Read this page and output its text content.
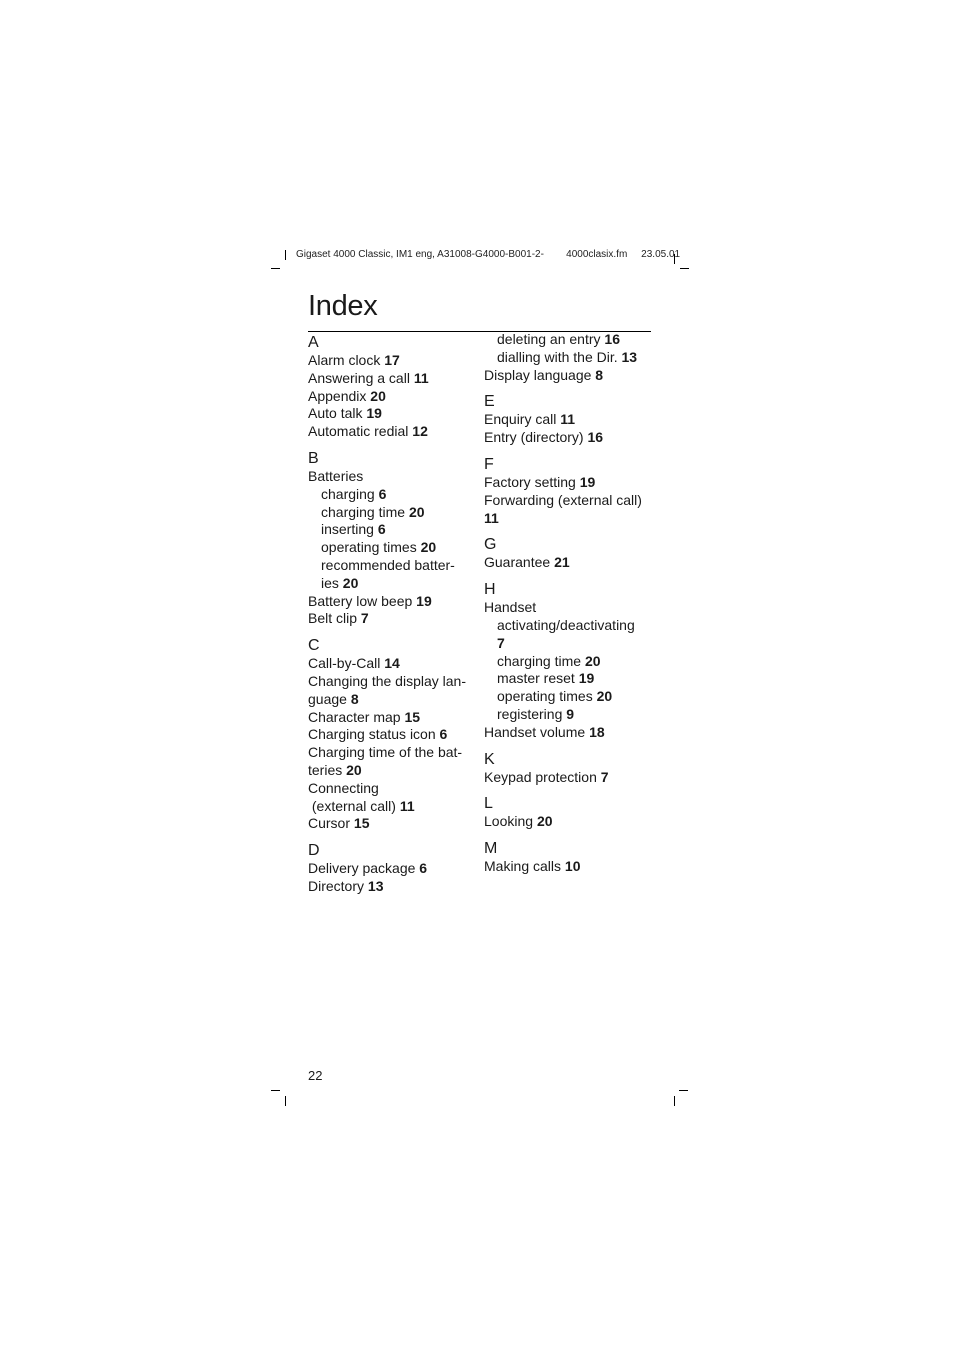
Gigaset 4000 Classic, IM1 eng, A31008-G4000-B001-2-        4000clasix.fm     23.05.01
Index
A
Alarm clock 17
Answering a call 11
Appendix 20
Auto talk 19
Automatic redial 12
B
Batteries
charging 6
charging time 20
inserting 6
operating times 20
recommended batter-
ies 20
Battery low beep 19
Belt clip 7
C
Call-by-Call 14
Changing the display lan-
guage 8
Character map 15
Charging status icon 6
Charging time of the bat-
teries 20
Connecting
(external call) 11
Cursor 15
D
Delivery package 6
Directory 13
deleting an entry 16
dialling with the Dir. 13
Display language 8
E
Enquiry call 11
Entry (directory) 16
F
Factory setting 19
Forwarding (external call)
11
G
Guarantee 21
H
Handset
activating/deactivating
7
charging time 20
master reset 19
operating times 20
registering 9
Handset volume 18
K
Keypad protection 7
L
Looking 20
M
Making calls 10
22
